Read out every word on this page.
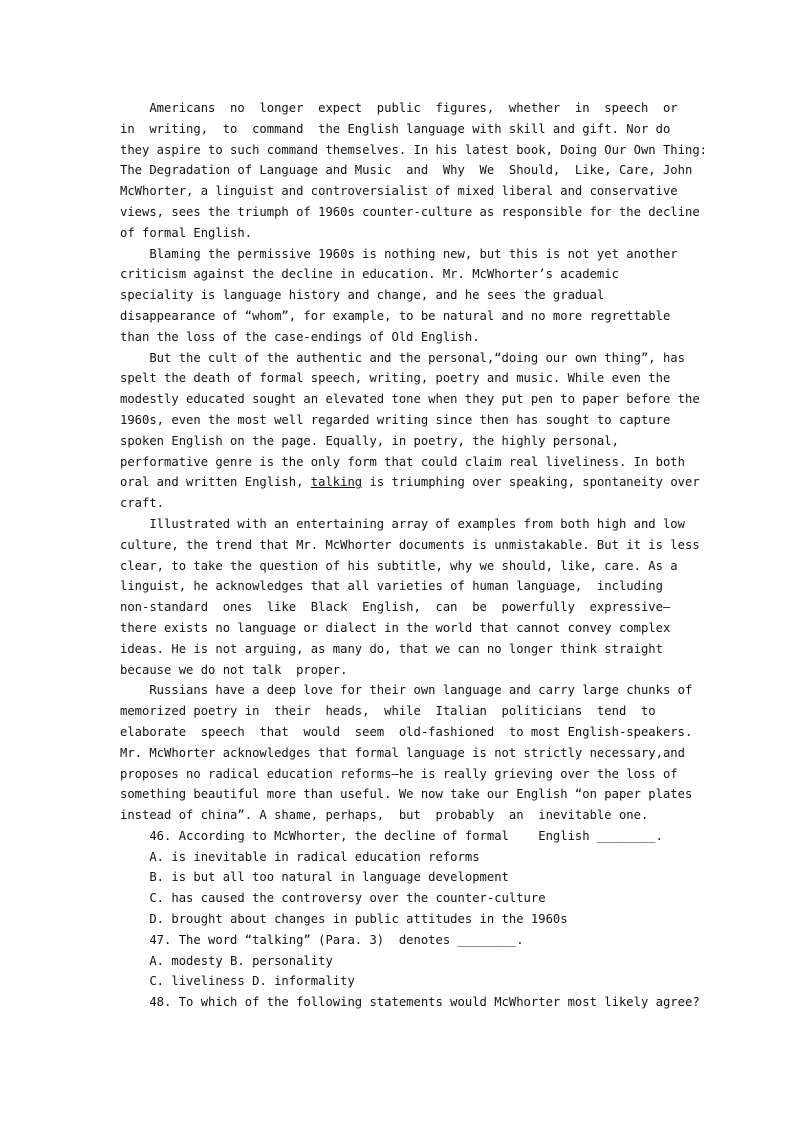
Americans  no  longer  expect  public  figures,  whether  in  speech  or
in  writing,  to  command  the English language with skill and gift. Nor do
they aspire to such command themselves. In his latest book, Doing Our Own Thing:
The Degradation of Language and Music  and  Why  We  Should,  Like, Care, John
McWhorter, a linguist and controversialist of mixed liberal and conservative
views, sees the triumph of 1960s counter-culture as responsible for the decline
of formal English.
Blaming the permissive 1960s is nothing new, but this is not yet another
criticism against the decline in education. Mr. McWhorter’s academic
speciality is language history and change, and he sees the gradual
disappearance of “whom”, for example, to be natural and no more regrettable
than the loss of the case-endings of Old English.
But the cult of the authentic and the personal,“doing our own thing”, has
spelt the death of formal speech, writing, poetry and music. While even the
modestly educated sought an elevated tone when they put pen to paper before the
1960s, even the most well regarded writing since then has sought to capture
spoken English on the page. Equally, in poetry, the highly personal,
performative genre is the only form that could claim real liveliness. In both
oral and written English, talking is triumphing over speaking, spontaneity over
craft.
Illustrated with an entertaining array of examples from both high and low
culture, the trend that Mr. McWhorter documents is unmistakable. But it is less
clear, to take the question of his subtitle, why we should, like, care. As a
linguist, he acknowledges that all varieties of human language,  including
non-standard  ones  like  Black  English,  can  be  powerfully  expressive—
there exists no language or dialect in the world that cannot convey complex
ideas. He is not arguing, as many do, that we can no longer think straight
because we do not talk  proper.
Russians have a deep love for their own language and carry large chunks of
memorized poetry in  their  heads,  while  Italian  politicians  tend  to
elaborate  speech  that  would  seem  old-fashioned  to most English-speakers.
Mr. McWhorter acknowledges that formal language is not strictly necessary,and
proposes no radical education reforms—he is really grieving over the loss of
something beautiful more than useful. We now take our English “on paper plates
instead of china”. A shame, perhaps,  but  probably  an  inevitable one.
46. According to McWhorter, the decline of formal    English ________.
A. is inevitable in radical education reforms
B. is but all too natural in language development
C. has caused the controversy over the counter-culture
D. brought about changes in public attitudes in the 1960s
47. The word “talking” (Para. 3)  denotes ________.
A. modesty B. personality
C. liveliness D. informality
48. To which of the following statements would McWhorter most likely agree?
